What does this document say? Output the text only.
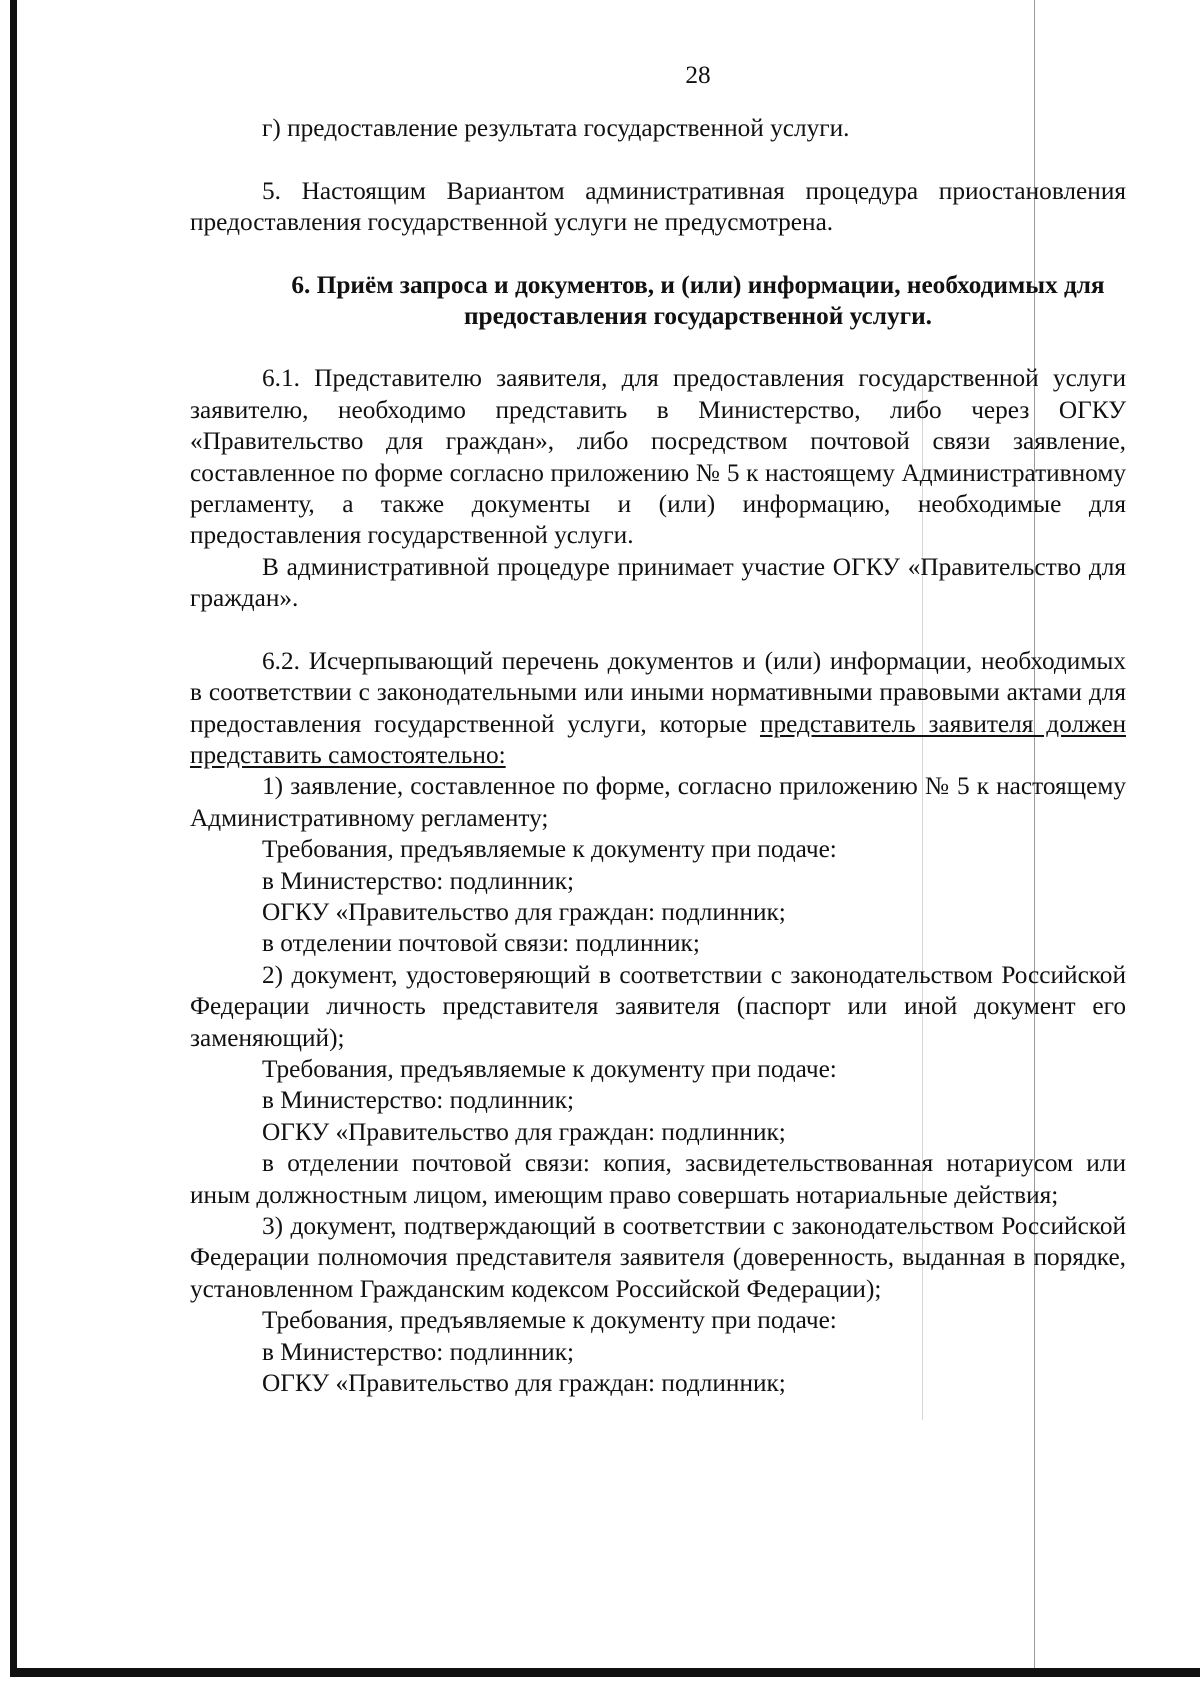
28

г) предоставление результата государственной услуги.

5. Настоящим Вариантом административная процедура приостановления предоставления государственной услуги не предусмотрена.

6. Приём запроса и документов, и (или) информации, необходимых для предоставления государственной услуги.

6.1. Представителю заявителя, для предоставления государственной услуги заявителю, необходимо представить в Министерство, либо через ОГКУ «Правительство для граждан», либо посредством почтовой связи заявление, составленное по форме согласно приложению № 5 к настоящему Административному регламенту, а также документы и (или) информацию, необходимые для предоставления государственной услуги.

В административной процедуре принимает участие ОГКУ «Правительство для граждан».

6.2. Исчерпывающий перечень документов и (или) информации, необходимых в соответствии с законодательными или иными нормативными правовыми актами для предоставления государственной услуги, которые представитель заявителя должен представить самостоятельно:

1) заявление, составленное по форме, согласно приложению № 5 к настоящему Административному регламенту;

Требования, предъявляемые к документу при подаче:

в Министерство: подлинник;

ОГКУ «Правительство для граждан: подлинник;

в отделении почтовой связи: подлинник;

2) документ, удостоверяющий в соответствии с законодательством Российской Федерации личность представителя заявителя (паспорт или иной документ его заменяющий);

Требования, предъявляемые к документу при подаче:

в Министерство: подлинник;

ОГКУ «Правительство для граждан: подлинник;

в отделении почтовой связи: копия, засвидетельствованная нотариусом или иным должностным лицом, имеющим право совершать нотариальные действия;

3) документ, подтверждающий в соответствии с законодательством Российской Федерации полномочия представителя заявителя (доверенность, выданная в порядке, установленном Гражданским кодексом Российской Федерации);

Требования, предъявляемые к документу при подаче:

в Министерство: подлинник;

ОГКУ «Правительство для граждан: подлинник;
